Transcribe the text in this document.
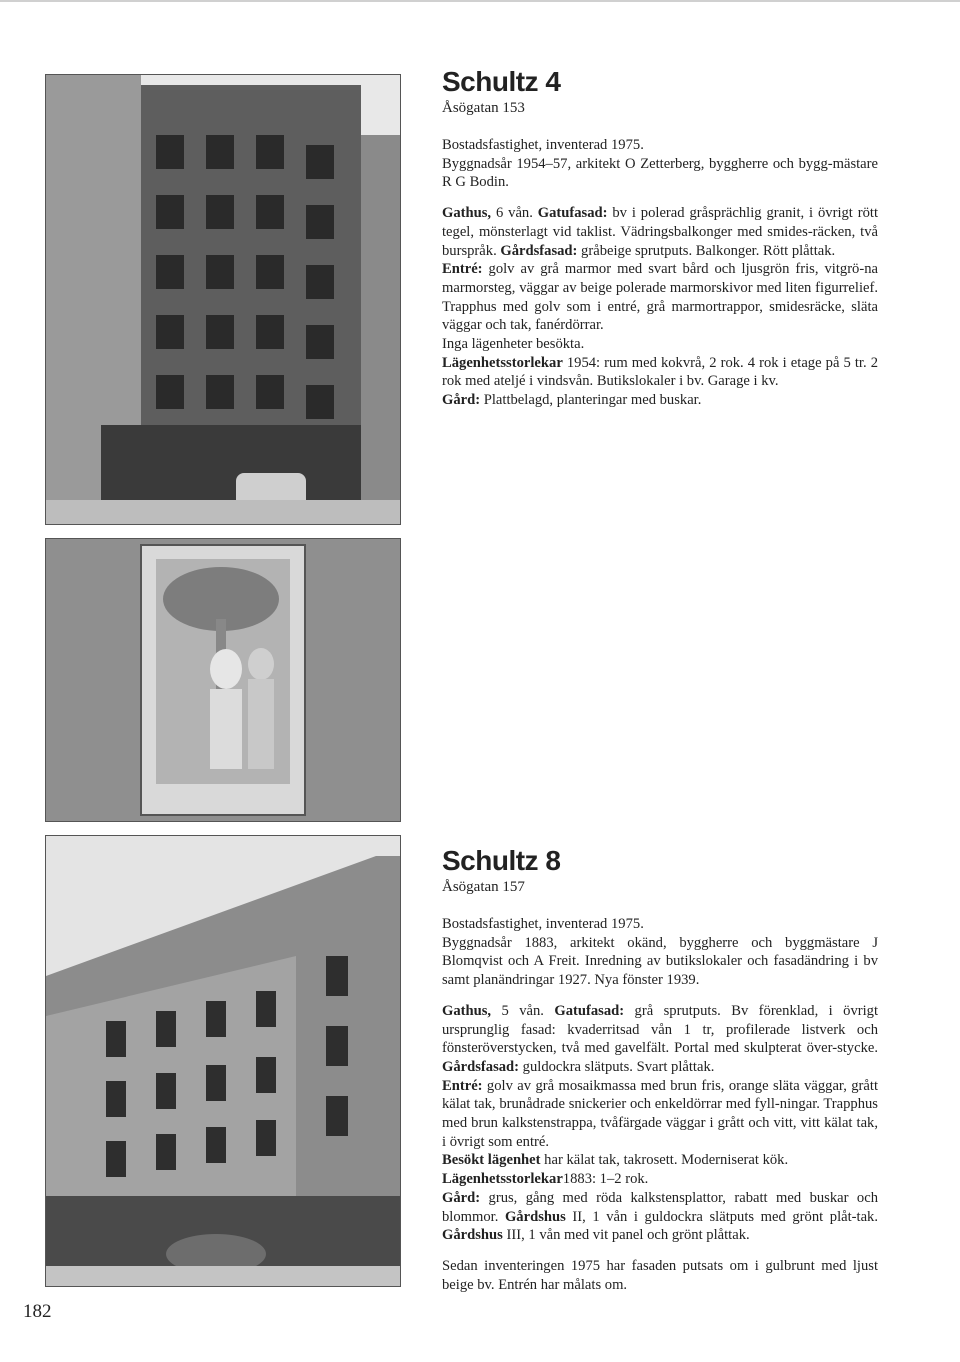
Schultz 4

Åsögatan 153

Bostadsfastighet, inventerad 1975.

Byggnadsår 1954–57, arkitekt O Zetterberg, byggherre och bygg-mästare R G Bodin.

Gathus, 6 vån. Gatufasad: bv i polerad gråsprächlig granit, i övrigt rött tegel, mönsterlagt vid taklist. Vädringsbalkonger med smides-räcken, två burspråk. Gårdsfasad: gråbeige sprutputs. Balkonger. Rött plåttak.

Entré: golv av grå marmor med svart bård och ljusgrön fris, vitgrö-na marmorsteg, väggar av beige polerade marmorskivor med liten figurrelief. Trapphus med golv som i entré, grå marmortrappor, smidesräcke, släta väggar och tak, fanérdörrar.

Inga lägenheter besökta.

Lägenhetsstorlekar 1954: rum med kokvrå, 2 rok. 4 rok i etage på 5 tr. 2 rok med ateljé i vindsvån. Butikslokaler i bv. Garage i kv.

Gård: Plattbelagd, planteringar med buskar.

Schultz 8

Åsögatan 157

Bostadsfastighet, inventerad 1975.

Byggnadsår 1883, arkitekt okänd, byggherre och byggmästare J Blomqvist och A Freit. Inredning av butikslokaler och fasadändring i bv samt planändringar 1927. Nya fönster 1939.

Gathus, 5 vån. Gatufasad: grå sprutputs. Bv förenklad, i övrigt ursprunglig fasad: kvaderritsad vån 1 tr, profilerade listverk och fönsteröverstycken, två med gavelfält. Portal med skulpterat över-stycke. Gårdsfasad: guldockra slätputs. Svart plåttak.

Entré: golv av grå mosaikmassa med brun fris, orange släta väggar, grått kälat tak, brunådrade snickerier och enkeldörrar med fyll-ningar. Trapphus med brun kalkstenstrappa, tvåfärgade väggar i grått och vitt, vitt kälat tak, i övrigt som entré.

Besökt lägenhet har kälat tak, takrosett. Moderniserat kök.

Lägenhetsstorlekar1883: 1–2 rok.

Gård: grus, gång med röda kalkstensplattor, rabatt med buskar och blommor. Gårdshus II, 1 vån i guldockra slätputs med grönt plåt-tak. Gårdshus III, 1 vån med vit panel och grönt plåttak.

Sedan inventeringen 1975 har fasaden putsats om i gulbrunt med ljust beige bv. Entrén har målats om.

182
